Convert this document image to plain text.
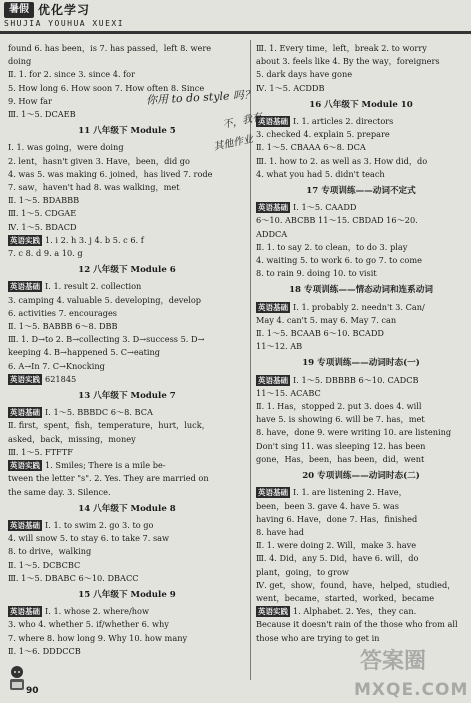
暑假 优化学习
SHUJIA YOUHUA XUEXI
found 6. has been，is 7. has passed，left 8. were
doing
Ⅱ. 1. for 2. since 3. since 4. for
5. How long 6. How soon 7. How often 8. Since
9. How far
Ⅲ. 1～5. DCAEB
11 八年级下 Module 5
Ⅰ. 1. was going，were doing
2. lent，hasn't given 3. Have，been，did go
4. was 5. was making 6. joined，has lived 7. rode
7. saw，haven't had 8. was walking，met
Ⅱ. 1～5. BDABBB
Ⅲ. 1～5. CDGAE
Ⅳ. 1～5. BDACD
英语实践 1. i 2. h 3. j 4. b 5. c 6. f
7. c 8. d 9. a 10. g
12 八年级下 Module 6
英语基础 Ⅰ. 1. result 2. collection
3. camping 4. valuable 5. developing，develop
6. activities 7. encourages
Ⅱ. 1～5. BABBB 6～8. DBB
Ⅲ. 1. D→to 2. B→collecting 3. D→success 5. D→
keeping 4. B→happened 5. C→eating
6. A→In 7. C→Knocking
英语实践 621845
13 八年级下 Module 7
英语基础 Ⅰ. 1～5. BBBDC 6～8. BCA
Ⅱ. first，spent，fish，temperature，hurt，luck，
asked，back，missing，money
Ⅲ. 1～5. FTFTF
英语实践 1. Smiles; There is a mile be-
tween the letter "s". 2. Yes. They are married on
the same day. 3. Silence.
14 八年级下 Module 8
英语基础 Ⅰ. 1. to swim 2. go 3. to go
4. will snow 5. to stay 6. to take 7. saw
8. to drive，walking
Ⅱ. 1～5. DCBCBC
Ⅲ. 1～5. DBABC 6～10. DBACC
15 八年级下 Module 9
英语基础 Ⅰ. 1. whose 2. where/how
3. who 4. whether 5. if/whether 6. why
7. where 8. how long 9. Why 10. how many
Ⅱ. 1～6. DDDCCB
Ⅲ. 1. Every time，left，break 2. to worry
about 3. feels like 4. By the way，foreigners
5. dark days have gone
Ⅳ. 1～5. ACDDB
16 八年级下 Module 10
英语基础 Ⅰ. 1. articles 2. directors
3. checked 4. explain 5. prepare
Ⅱ. 1～5. CBAAA 6～8. DCA
Ⅲ. 1. how to 2. as well as 3. How did，do
4. what you had 5. didn't teach
17 专项训练——动词不定式
英语基础 Ⅰ. 1～5. CAADD
6～10. ABCBB 11～15. CBDAD 16～20.
ADDCA
Ⅱ. 1. to say 2. to clean，to do 3. play
4. waiting 5. to work 6. to go 7. to come
8. to rain 9. doing 10. to visit
18 专项训练——情态动词和连系动词
英语基础 Ⅰ. 1. probably 2. needn't 3. Can/
May 4. can't 5. may 6. May 7. can
Ⅱ. 1～5. BCAAB 6～10. BCADD
11～12. AB
19 专项训练——动词时态(一)
英语基础 Ⅰ. 1～5. DBBBB 6～10. CADCB
11～15. ACABC
Ⅱ. 1. Has，stopped 2. put 3. does 4. will
have 5. is showing 6. will be 7. has，met
8. have，done 9. were writing 10. are listening
Don't sing 11. was sleeping 12. has been
gone，Has，been，has been，did，went
20 专项训练——动词时态(二)
英语基础 Ⅰ. 1. are listening 2. Have，
been，been 3. gave 4. have 5. was
having 6. Have，done 7. Has，finished
8. have had
Ⅱ. 1. were doing 2. Will，make 3. have
Ⅲ. 4. Did，any 5. Did，have 6. will，do
plant，going，to grow
Ⅳ. get，show，found，have，helped，studied，
went，became，started，worked，became
英语实践 1. Alphabet. 2. Yes，they can.
Because it doesn't rain of the those who from all
those who are trying to get in
你用 to do style 吗？
不，我有
其他作业
90
答案圈
MXQE.COM
